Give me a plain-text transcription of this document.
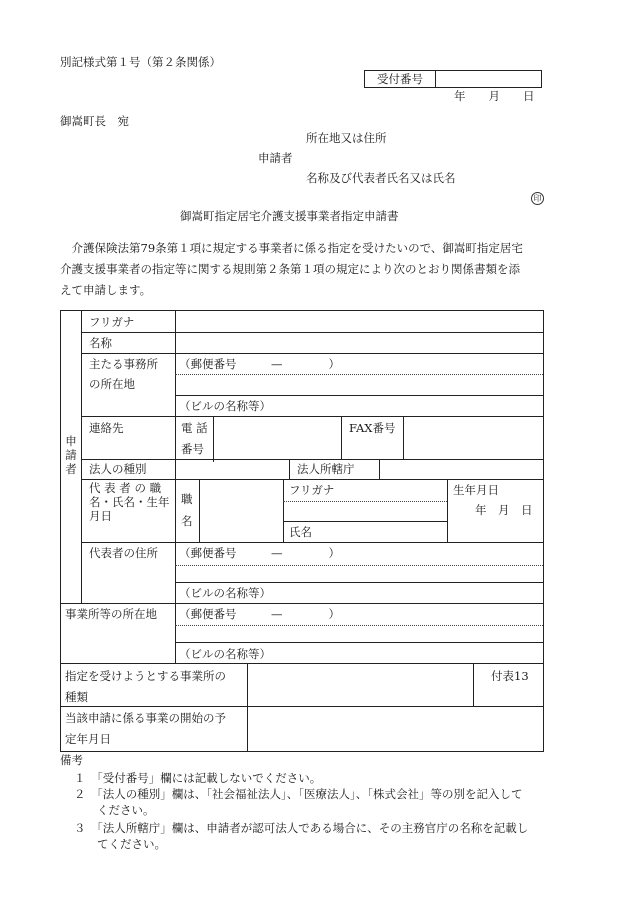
別記様式第１号（第２条関係）
受付番号
年　　月　　日
御嵩町長　宛
所在地又は住所
申請者
名称及び代表者氏名又は氏名
印
御嵩町指定居宅介護支援事業者指定申請書
　介護保険法第79条第１項に規定する事業者に係る指定を受けたいので、御嵩町指定居宅
介護支援事業者の指定等に関する規則第２条第１項の規定により次のとおり関係書類を添
えて申請します。
申請者
フリガナ
名称
主たる事務所
の所在地
（郵便番号　　　—　　　　）
（ビルの名称等）
連絡先	電 話
番号
FAX番号
法人の種別	法人所轄庁
代 表 者 の 職
名・氏名・生年
月日
職
名
フリガナ
氏名
生年月日
年　月　日
代表者の住所 （郵便番号　　　—　　　　）
（ビルの名称等）
事業所等の所在地 （郵便番号　　　—　　　　）
（ビルの名称等）
指定を受けようとする事業所の
種類
付表13
当該申請に係る事業の開始の予
定年月日
備考
１　「受付番号」欄には記載しないでください。
２　「法人の種別」欄は、「社会福祉法人」、「医療法人」、「株式会社」等の別を記入して
　　ください。
３　「法人所轄庁」欄は、申請者が認可法人である場合に、その主務官庁の名称を記載し
　　てください。
